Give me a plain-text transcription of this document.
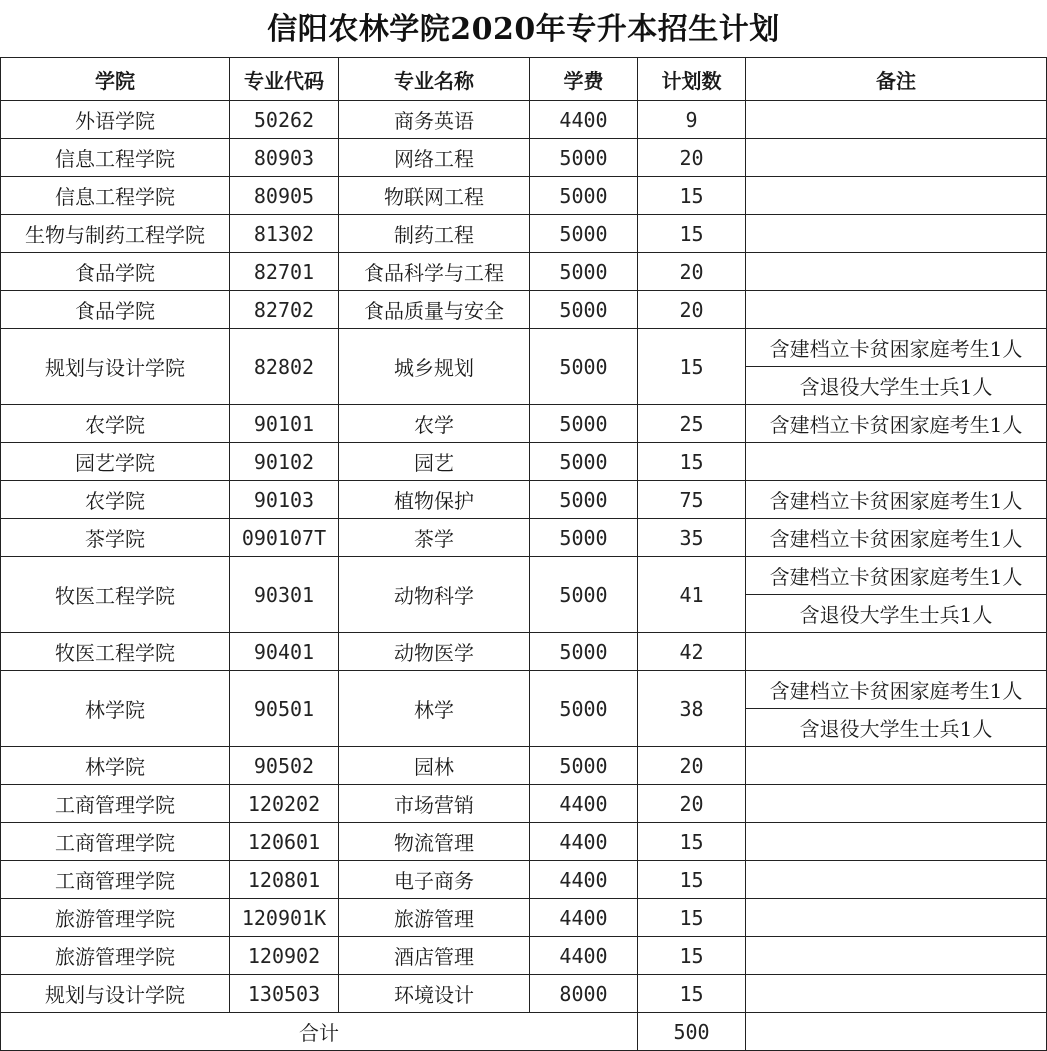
信阳农林学院2020年专升本招生计划
学院	专业代码	专业名称	学费	计划数	备注
外语学院	50262	商务英语	4400	9	
信息工程学院	80903	网络工程	5000	20	
信息工程学院	80905	物联网工程	5000	15	
生物与制药工程学院	81302	制药工程	5000	15	
食品学院	82701	食品科学与工程	5000	20	
食品学院	82702	食品质量与安全	5000	20	
规划与设计学院	82802	城乡规划	5000	15	含建档立卡贫困家庭考生1人
					含退役大学生士兵1人
农学院	90101	农学	5000	25	含建档立卡贫困家庭考生1人
园艺学院	90102	园艺	5000	15	
农学院	90103	植物保护	5000	75	含建档立卡贫困家庭考生1人
茶学院	090107T	茶学	5000	35	含建档立卡贫困家庭考生1人
牧医工程学院	90301	动物科学	5000	41	含建档立卡贫困家庭考生1人
					含退役大学生士兵1人
牧医工程学院	90401	动物医学	5000	42	
林学院	90501	林学	5000	38	含建档立卡贫困家庭考生1人
					含退役大学生士兵1人
林学院	90502	园林	5000	20	
工商管理学院	120202	市场营销	4400	20	
工商管理学院	120601	物流管理	4400	15	
工商管理学院	120801	电子商务	4400	15	
旅游管理学院	120901K	旅游管理	4400	15	
旅游管理学院	120902	酒店管理	4400	15	
规划与设计学院	130503	环境设计	8000	15	
合计				500	
